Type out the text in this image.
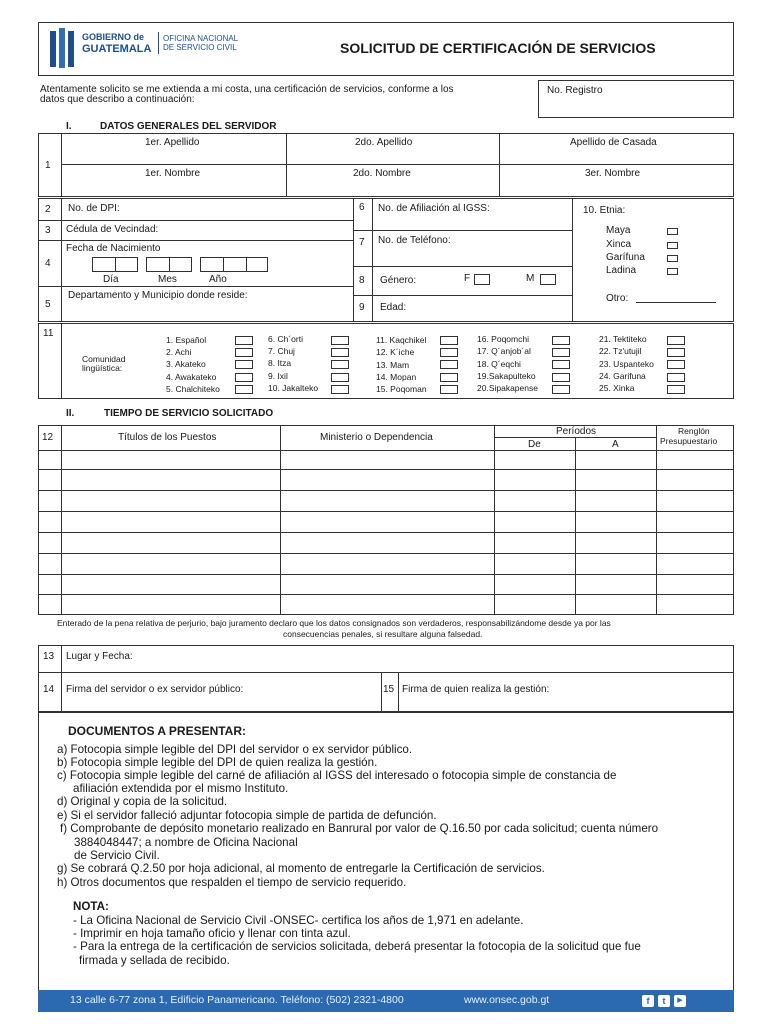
GOBIERNO de
GUATEMALA
OFICINA NACIONAL
DE SERVICIO CIVIL	SOLICITUD DE CERTIFICACIÓN DE SERVICIOS
Atentamente solicito se me extienda a mi costa, una certificación de servicios, conforme a los
datos que describo a continuación:
No. Registro
I.	DATOS GENERALES DEL SERVIDOR
1
1er. Apellido	2do. Apellido	Apellido de Casada
1er. Nombre	2do. Nombre	3er. Nombre
2 No. de DPI:
3 Cédula de Vecindad:
4
Fecha de Nacimiento
Día	Mes	Año
5
Departamento y Municipio donde reside:
6 No. de Afiliación al IGSS:
7 No. de Teléfono:
8 Género:	F	M
9 Edad:
10. Etnia:
Maya
Xinca
Garífuna
Ladina
Otro:
11
Comunidad
lingüística:
1. Español
2. Achi
3. Akateko
4. Awakateko
5. Chalchiteko
6. Ch´orti
7. Chuj
8. Itza
9. Ixil
10. Jakalteko
11. Kaqchikel
12. K´iche
13. Mam
14. Mopan
15. Poqoman
16. Poqomchi
17. Q´anjob´al
18. Q´eqchi
19.Sakapulteko
20.Sipakapense
21. Tektiteko
22. Tz'utujil
23. Uspanteko
24. Garifuna
25. Xinka
II.	TIEMPO DE SERVICIO SOLICITADO
12	Títulos de los Puestos	Ministerio o Dependencia
Períodos
De	A
Renglón
Presupuestario
Enterado de la pena relativa de perjurio, bajo juramento declaro que los datos consignados son verdaderos, responsabilizándome desde ya por las
consecuencias penales, si resultare alguna falsedad.
13 Lugar y Fecha:
14 Firma del servidor o ex servidor público:	15 Firma de quien realiza la gestión:
DOCUMENTOS A PRESENTAR:
a) Fotocopia simple legible del DPI del servidor o ex servidor público.
b) Fotocopia simple legible del DPI de quien realiza la gestión.
c) Fotocopia simple legible del carné de afiliación al IGSS del interesado o fotocopia simple de constancia de
afiliación extendida por el mismo Instituto.
d) Original y copia de la solicitud.
e) Si el servidor falleció adjuntar fotocopia simple de partida de defunción.
f) Comprobante de depósito monetario realizado en Banrural por valor de Q.16.50 por cada solicitud; cuenta número
3884048447; a nombre de Oficina Nacional
de Servicio Civil.
g) Se cobrará Q.2.50 por hoja adicional, al momento de entregarle la Certificación de servicios.
h) Otros documentos que respalden el tiempo de servicio requerido.
NOTA:
- La Oficina Nacional de Servicio Civil -ONSEC- certifica los años de 1,971 en adelante.
- Imprimir en hoja tamaño oficio y llenar con tinta azul.
- Para la entrega de la certificación de servicios solicitada, deberá presentar la fotocopia de la solicitud que fue
firmada y sellada de recibido.
13 calle 6-77 zona 1, Edificio Panamericano. Teléfono: (502) 2321-4800	www.onsec.gob.gt	f	t	▶
